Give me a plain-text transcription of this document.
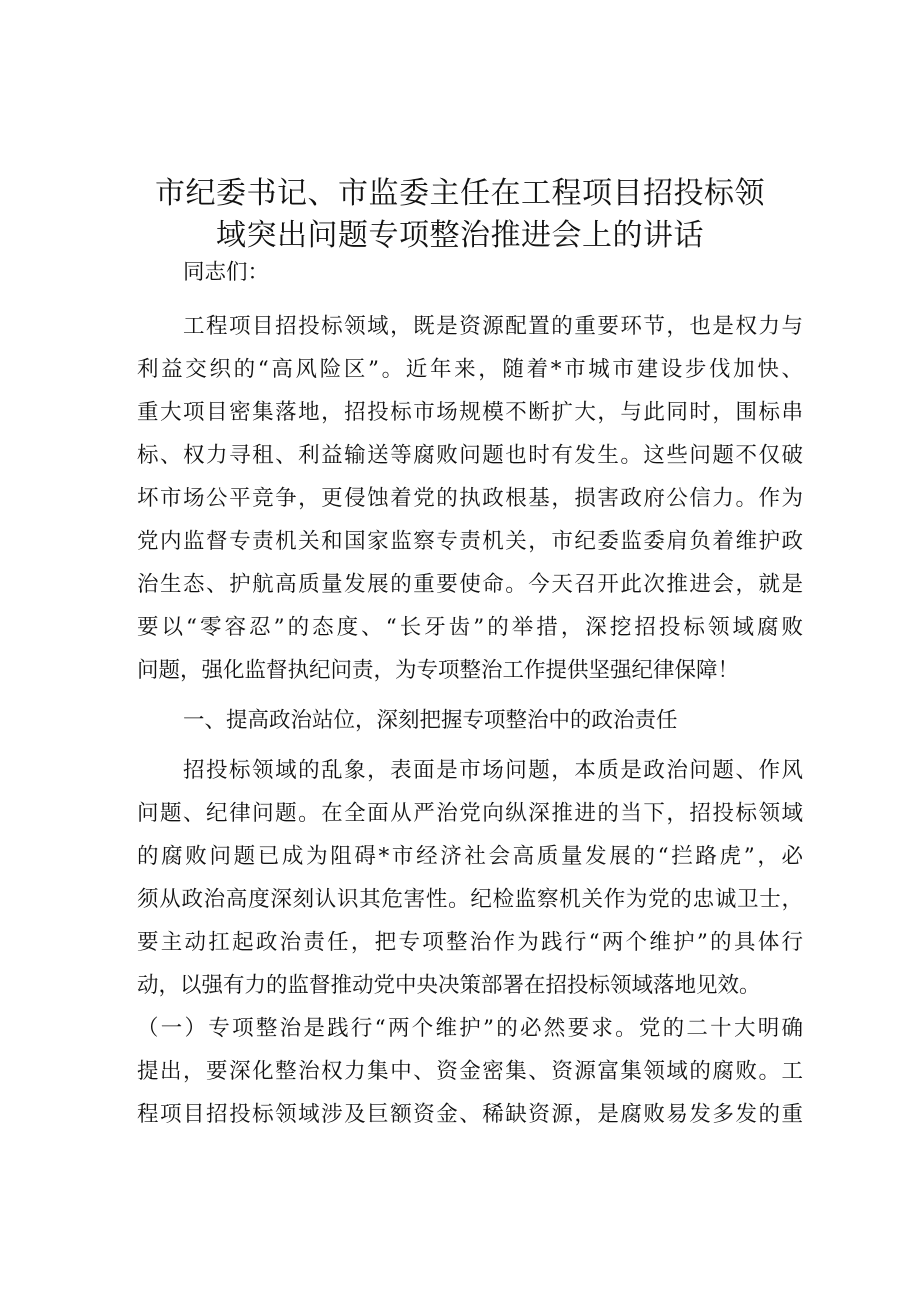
市纪委书记、市监委主任在工程项目招投标领
域突出问题专项整治推进会上的讲话
同志们：
工程项目招投标领域，既是资源配置的重要环节，也是权力与
利益交织的“高风险区”。近年来，随着*市城市建设步伐加快、
重大项目密集落地，招投标市场规模不断扩大，与此同时，围标串
标、权力寻租、利益输送等腐败问题也时有发生。这些问题不仅破
坏市场公平竞争，更侵蚀着党的执政根基，损害政府公信力。作为
党内监督专责机关和国家监察专责机关，市纪委监委肩负着维护政
治生态、护航高质量发展的重要使命。今天召开此次推进会，就是
要以“零容忍”的态度、“长牙齿”的举措，深挖招投标领域腐败
问题，强化监督执纪问责，为专项整治工作提供坚强纪律保障！
一、提高政治站位，深刻把握专项整治中的政治责任
招投标领域的乱象，表面是市场问题，本质是政治问题、作风
问题、纪律问题。在全面从严治党向纵深推进的当下，招投标领域
的腐败问题已成为阻碍*市经济社会高质量发展的“拦路虎”，必
须从政治高度深刻认识其危害性。纪检监察机关作为党的忠诚卫士，
要主动扛起政治责任，把专项整治作为践行“两个维护”的具体行
动，以强有力的监督推动党中央决策部署在招投标领域落地见效。
（一）专项整治是践行“两个维护”的必然要求。党的二十大明确
提出，要深化整治权力集中、资金密集、资源富集领域的腐败。工
程项目招投标领域涉及巨额资金、稀缺资源，是腐败易发多发的重
